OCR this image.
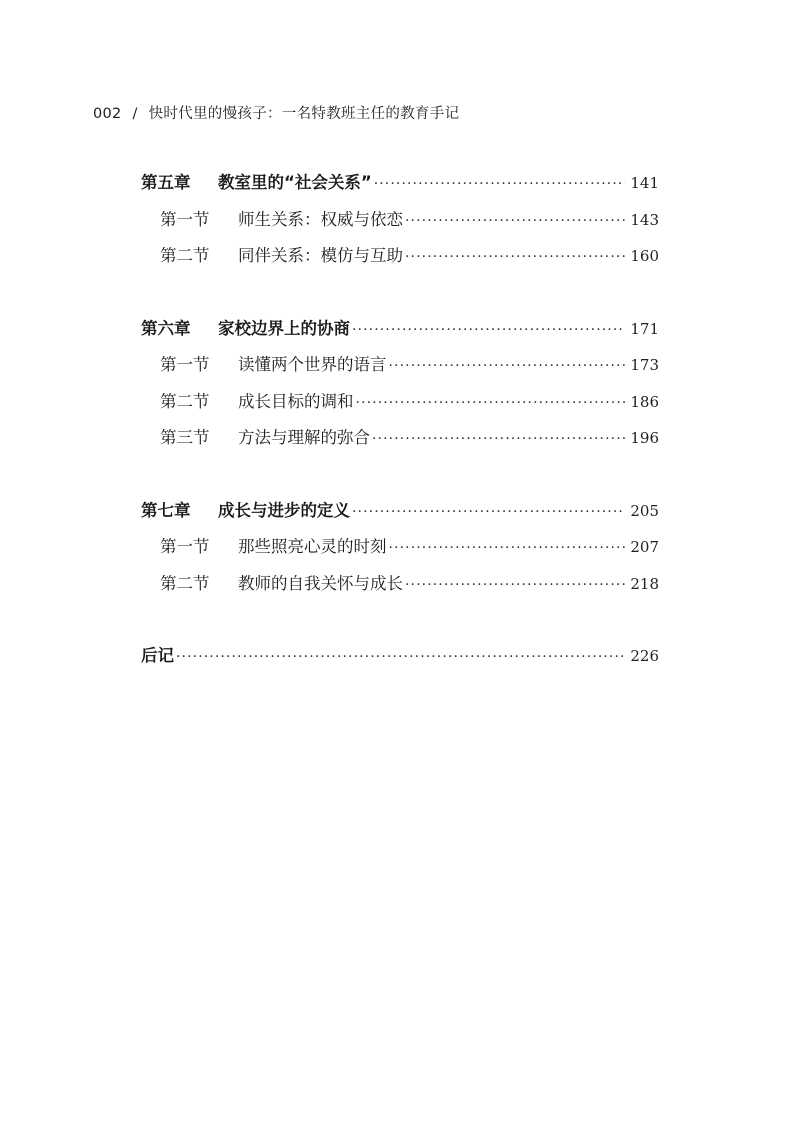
002 / 快时代里的慢孩子：一名特教班主任的教育手记
第五章 教室里的“社会关系” ·····	141
第一节 师生关系：权威与依恋 ·····	143
第二节 同伴关系：模仿与互助 ·····	160
第六章 家校边界上的协商 ·····	171
第一节 读懂两个世界的语言 ·····	173
第二节 成长目标的调和 ·····	186
第三节 方法与理解的弥合 ·····	196
第七章 成长与进步的定义 ·····	205
第一节 那些照亮心灵的时刻 ·····	207
第二节 教师的自我关怀与成长 ·····	218
后记 ·····	226
